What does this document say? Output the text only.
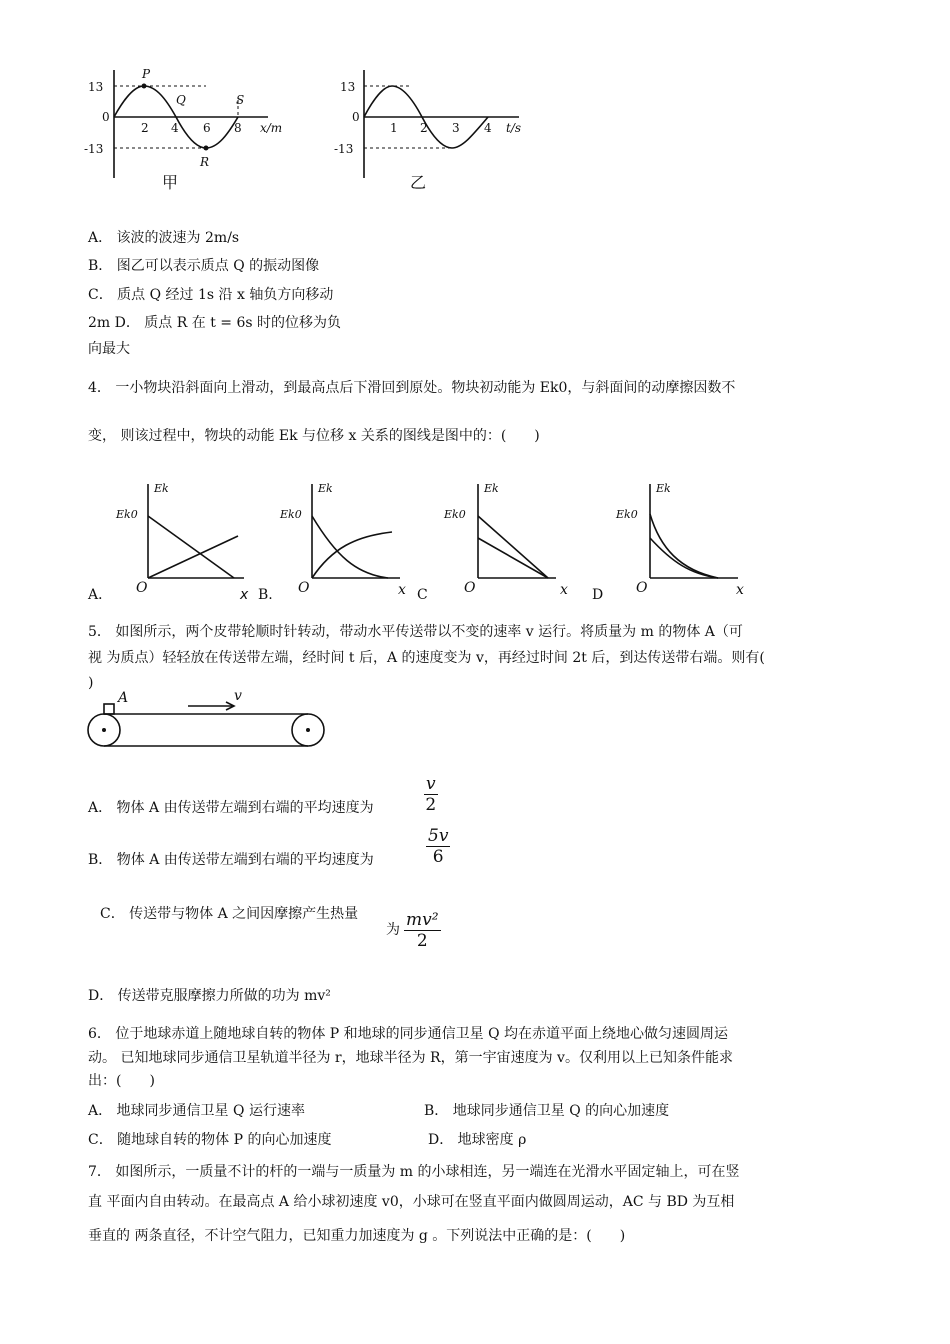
13
0
-13
2 4 6 8 x/m
P
Q
R
S
甲
13
0
-13
1 2 3 4 t/s
乙
A． 该波的波速为 2m/s
B． 图乙可以表示质点 Q 的振动图像
C． 质点 Q 经过 1s 沿 x 轴负方向移动
2m D． 质点 R 在 t = 6s 时的位移为负
向最大
4． 一小物块沿斜面向上滑动，到最高点后下滑回到原处。物块初动能为 Ek0，与斜面间的动摩擦因数不
变， 则该过程中，物块的动能 Ek 与位移 x 关系的图线是图中的：(　　)
Ek
Ek0
O
Ek
Ek0
O	x
Ek
Ek0
O	x
Ek
Ek0
O	x
A．	x B.	C	D
5． 如图所示，两个皮带轮顺时针转动，带动水平传送带以不变的速率 v 运行。将质量为 m 的物体 A（可
视 为质点）轻轻放在传送带左端，经时间 t 后，A 的速度变为 v，再经过时间 2t 后，到达传送带右端。则有(
)
A	v
A． 物体 A 由传送带左端到右端的平均速度为	$\frac{v}{2}$
B． 物体 A 由传送带左端到右端的平均速度为	$\frac{5v}{6}$
C． 传送带与物体 A 之间因摩擦产生热量
为 $\frac{\text{mv²}}{2}$
D． 传送带克服摩擦力所做的功为 mv²
6． 位于地球赤道上随地球自转的物体 P 和地球的同步通信卫星 Q 均在赤道平面上绕地心做匀速圆周运
动。 已知地球同步通信卫星轨道半径为 r，地球半径为 R，第一宇宙速度为 v。仅利用以上已知条件能求
出：(　　)
A． 地球同步通信卫星 Q 运行速率	B． 地球同步通信卫星 Q 的向心加速度
C． 随地球自转的物体 P 的向心加速度	D． 地球密度 ρ
7． 如图所示，一质量不计的杆的一端与一质量为 m 的小球相连，另一端连在光滑水平固定轴上，可在竖
直 平面内自由转动。在最高点 A 给小球初速度 v0，小球可在竖直平面内做圆周运动，AC 与 BD 为互相
垂直的 两条直径，不计空气阻力，已知重力加速度为 g 。下列说法中正确的是：(　　)
